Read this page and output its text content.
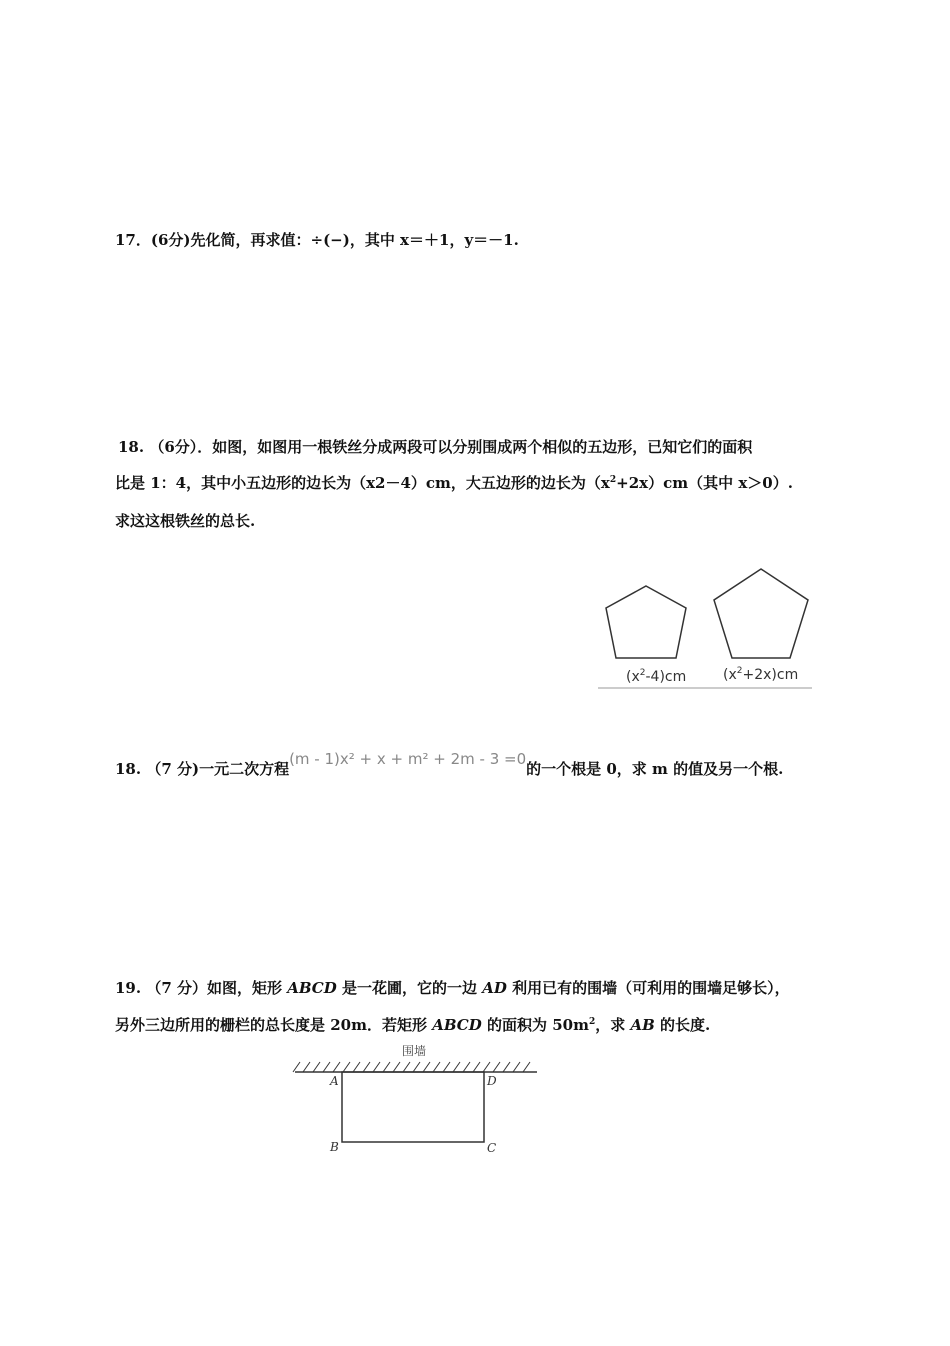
17．(6分)先化简，再求值：÷(−)，其中 x＝＋1，y＝－1.
18. （6分）．如图，如图用一根铁丝分成两段可以分别围成两个相似的五边形，已知它们的面积
比是 1：4，其中小五边形的边长为（x2－4）cm，大五边形的边长为$(x^2+2x)cm$（其中 x＞0）.
求这这根铁丝的总长.
$(x^2-4)cm$	$(x^2+2x)cm$
18. （7 分)一元二次方程(m - 1)x² + x + m² + 2m - 3 =0的一个根是 0，求 m 的值及另一个根.
19. （7 分）如图，矩形 ABCD 是一花圃，它的一边 AD 利用已有的围墙（可利用的围墙足够长），
另外三边所用的栅栏的总长度是 20m．若矩形 ABCD 的面积为 $50m^2$，求 AB 的长度.
围墙
A	D
B	C
